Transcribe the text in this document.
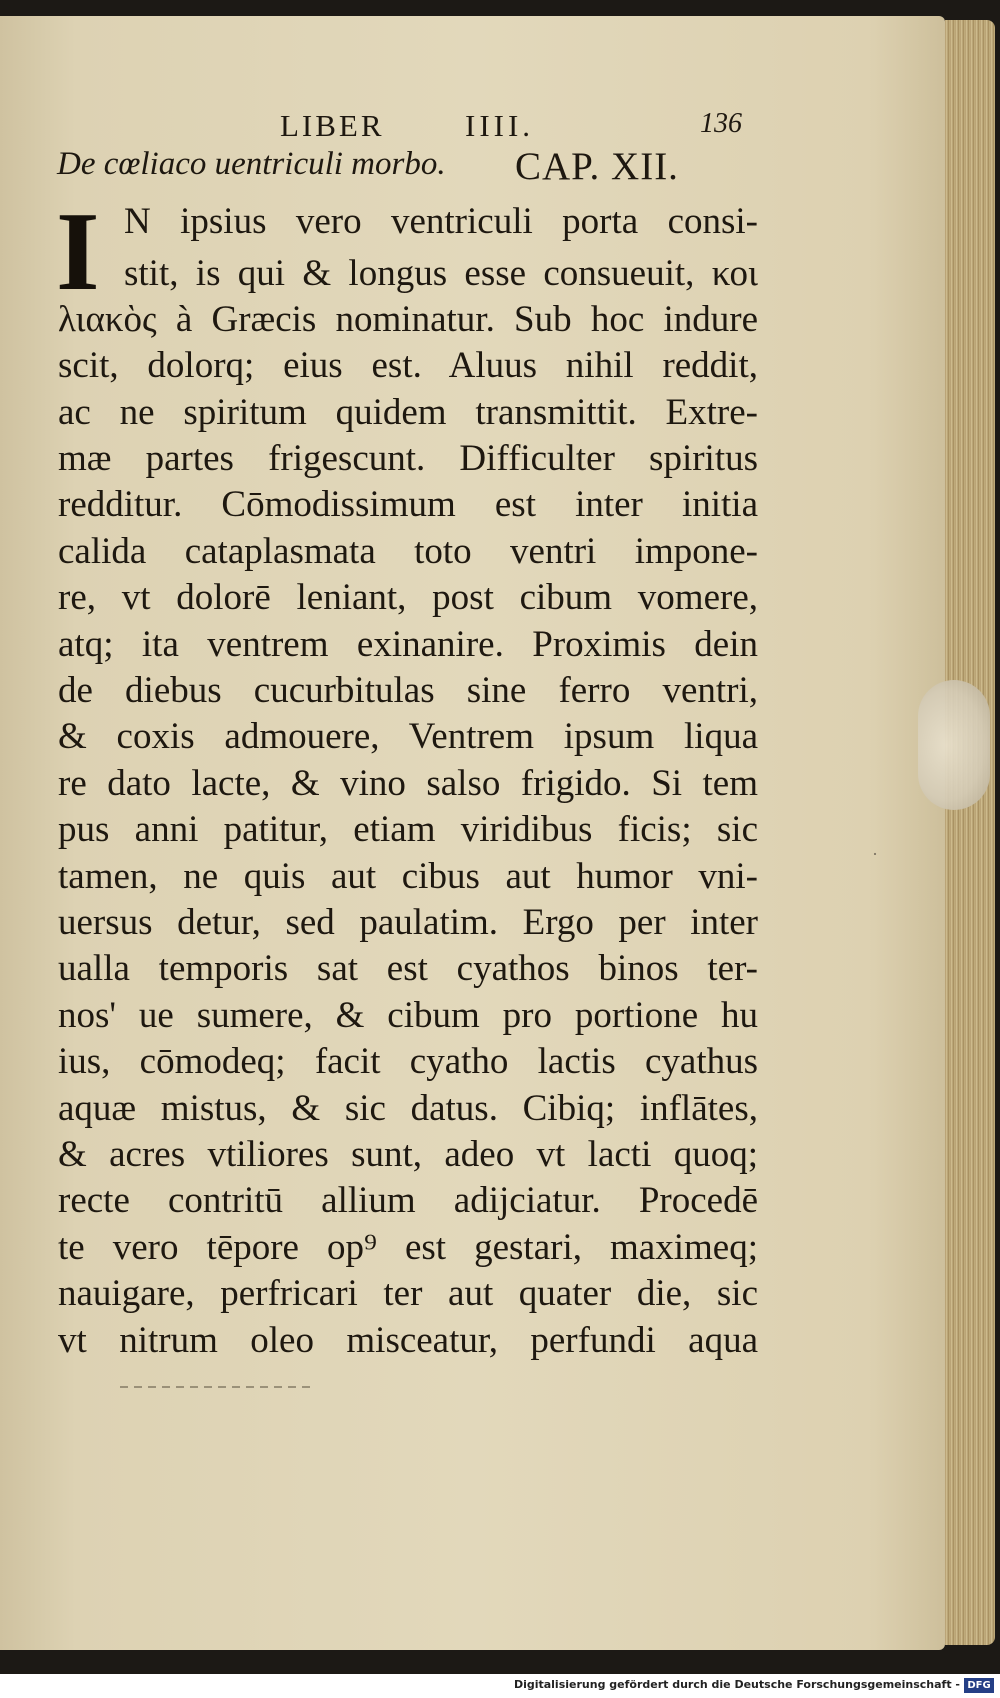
LIBER	IIII.	136
De cœliaco uentriculi morbo. CAP. XII.
I N ipsius vero ventriculi porta consi-
stit, is qui & longus esse consueuit, κοι
λιακὸς à Græcis nominatur. Sub hoc indure
scit, dolorq; eius est. Aluus nihil reddit,
ac ne spiritum quidem transmittit. Extre-
mæ partes frigescunt. Difficulter spiritus
redditur. Cōmodissimum est inter initia
calida cataplasmata toto ventri impone-
re, vt dolorē leniant, post cibum vomere,
atq; ita ventrem exinanire. Proximis dein
de diebus cucurbitulas sine ferro ventri,
& coxis admouere, Ventrem ipsum liqua
re dato lacte, & vino salso frigido. Si tem
pus anni patitur, etiam viridibus ficis; sic
tamen, ne quis aut cibus aut humor vni-
uersus detur, sed paulatim. Ergo per inter
ualla temporis sat est cyathos binos ter-
nos' ue sumere, & cibum pro portione hu
ius, cōmodeq; facit cyatho lactis cyathus
aquæ mistus, & sic datus. Cibiq; inflātes,
& acres vtiliores sunt, adeo vt lacti quoq;
recte contritū allium adijciatur. Procedē
te vero tēpore op⁹ est gestari, maximeq;
nauigare, perfricari ter aut quater die, sic
vt nitrum oleo misceatur, perfundi aqua
·
Digitalisierung gefördert durch die Deutsche Forschungsgemeinschaft - DFG
